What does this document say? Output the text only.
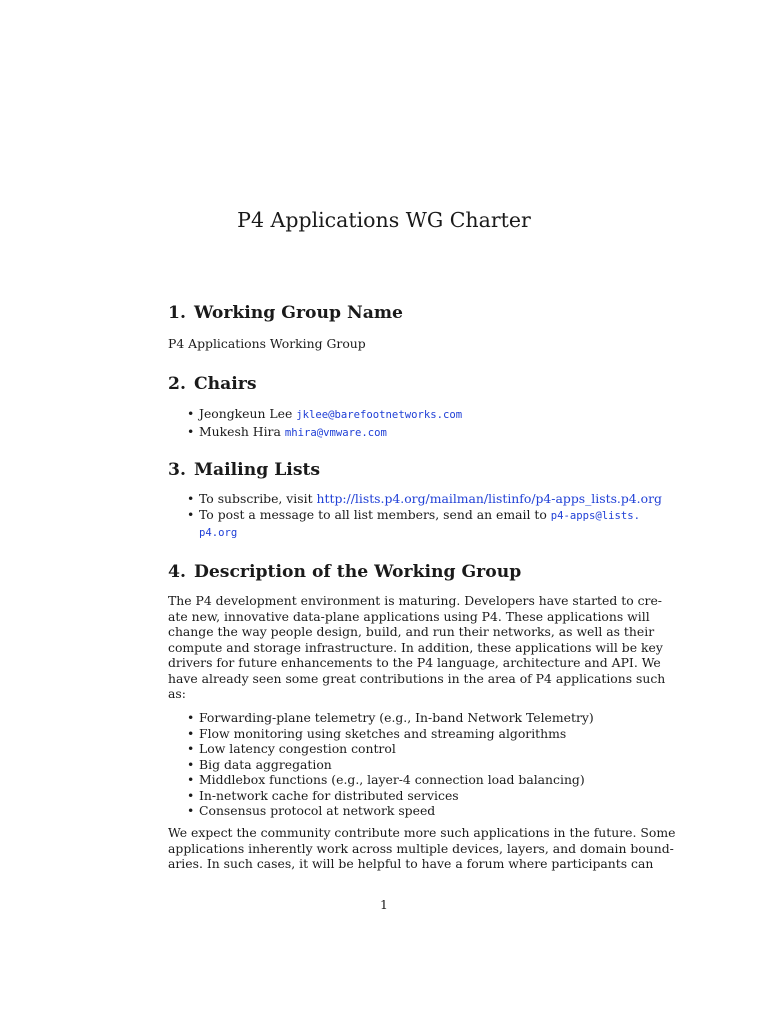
P4 Applications WG Charter
1. Working Group Name

P4 Applications Working Group

2. Chairs
• Jeongkeun Lee jklee@barefootnetworks.com
• Mukesh Hira mhira@vmware.com
3. Mailing Lists
• To subscribe, visit http://lists.p4.org/mailman/listinfo/p4-apps_lists.p4.org
• To post a message to all list members, send an email to p4-apps@lists.
p4.org
4. Description of the Working Group

The P4 development environment is maturing. Developers have started to cre-
ate new, innovative data-plane applications using P4. These applications will
change the way people design, build, and run their networks, as well as their
compute and storage infrastructure. In addition, these applications will be key
drivers for future enhancements to the P4 language, architecture and API. We
have already seen some great contributions in the area of P4 applications such
as:

• Forwarding-plane telemetry (e.g., In-band Network Telemetry)
• Flow monitoring using sketches and streaming algorithms
• Low latency congestion control
• Big data aggregation
• Middlebox functions (e.g., layer-4 connection load balancing)
• In-network cache for distributed services
• Consensus protocol at network speed

We expect the community contribute more such applications in the future. Some
applications inherently work across multiple devices, layers, and domain bound-
aries. In such cases, it will be helpful to have a forum where participants can

1
